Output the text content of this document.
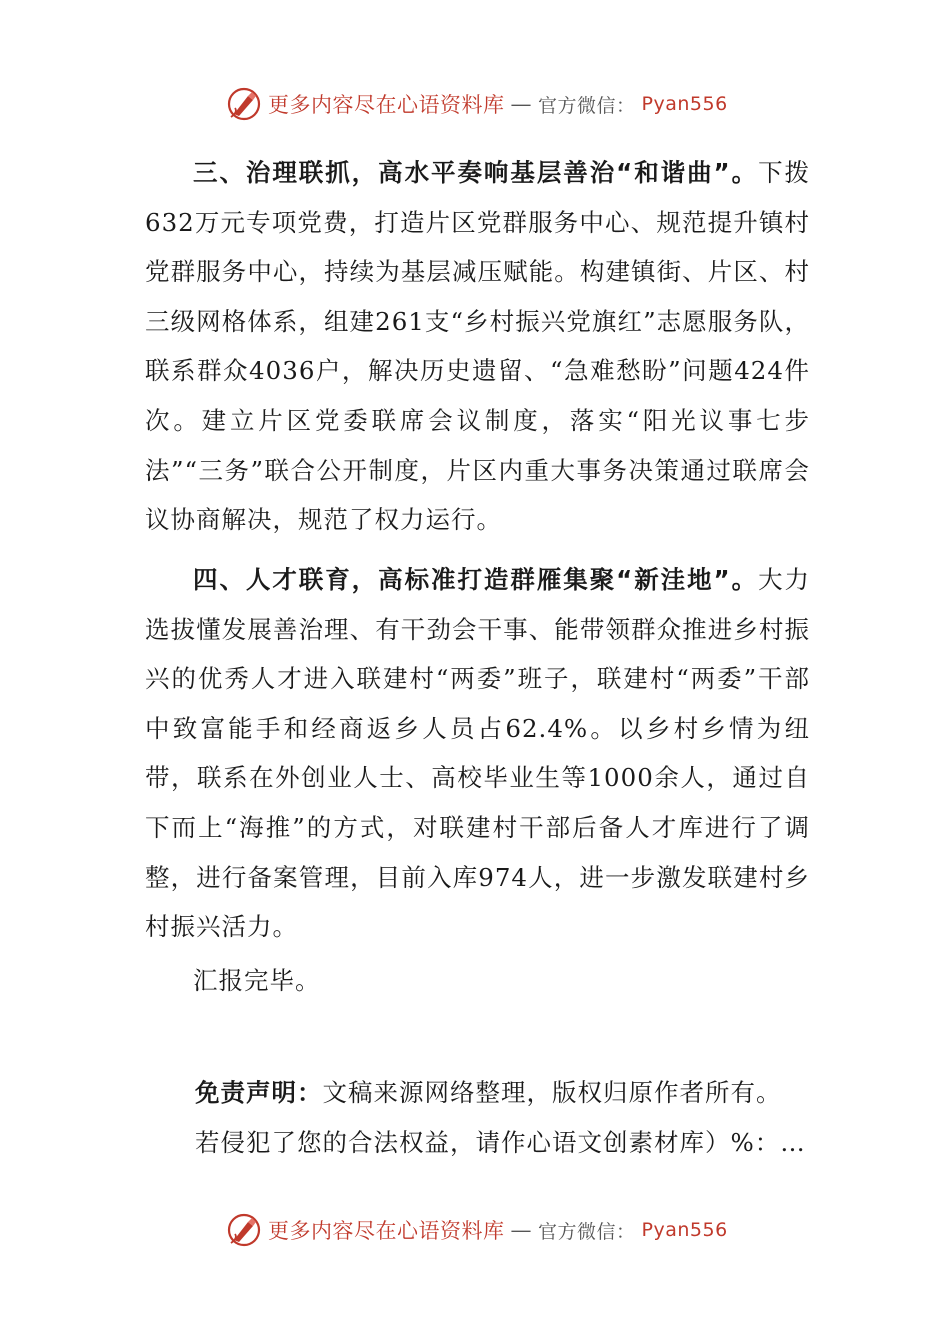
更多内容尽在心语资料库 — 官方微信： Pyan556

三、治理联抓，高水平奏响基层善治“和谐曲”。下拨632万元专项党费，打造片区党群服务中心、规范提升镇村党群服务中心，持续为基层减压赋能。构建镇街、片区、村三级网格体系，组建261支“乡村振兴党旗红”志愿服务队，联系群众4036户，解决历史遗留、“急难愁盼”问题424件次。建立片区党委联席会议制度，落实“阳光议事七步法”“三务”联合公开制度，片区内重大事务决策通过联席会议协商解决，规范了权力运行。

四、人才联育，高标准打造群雁集聚“新洼地”。大力选拔懂发展善治理、有干劲会干事、能带领群众推进乡村振兴的优秀人才进入联建村“两委”班子，联建村“两委”干部中致富能手和经商返乡人员占62.4%。以乡村乡情为纽带，联系在外创业人士、高校毕业生等1000余人，通过自下而上“海推”的方式，对联建村干部后备人才库进行了调整，进行备案管理，目前入库974人，进一步激发联建村乡村振兴活力。

汇报完毕。
免责声明：文稿来源网络整理，版权归原作者所有。
若侵犯了您的合法权益，请作心语文创素材库）%：…
更多内容尽在心语资料库 — 官方微信： Pyan556
